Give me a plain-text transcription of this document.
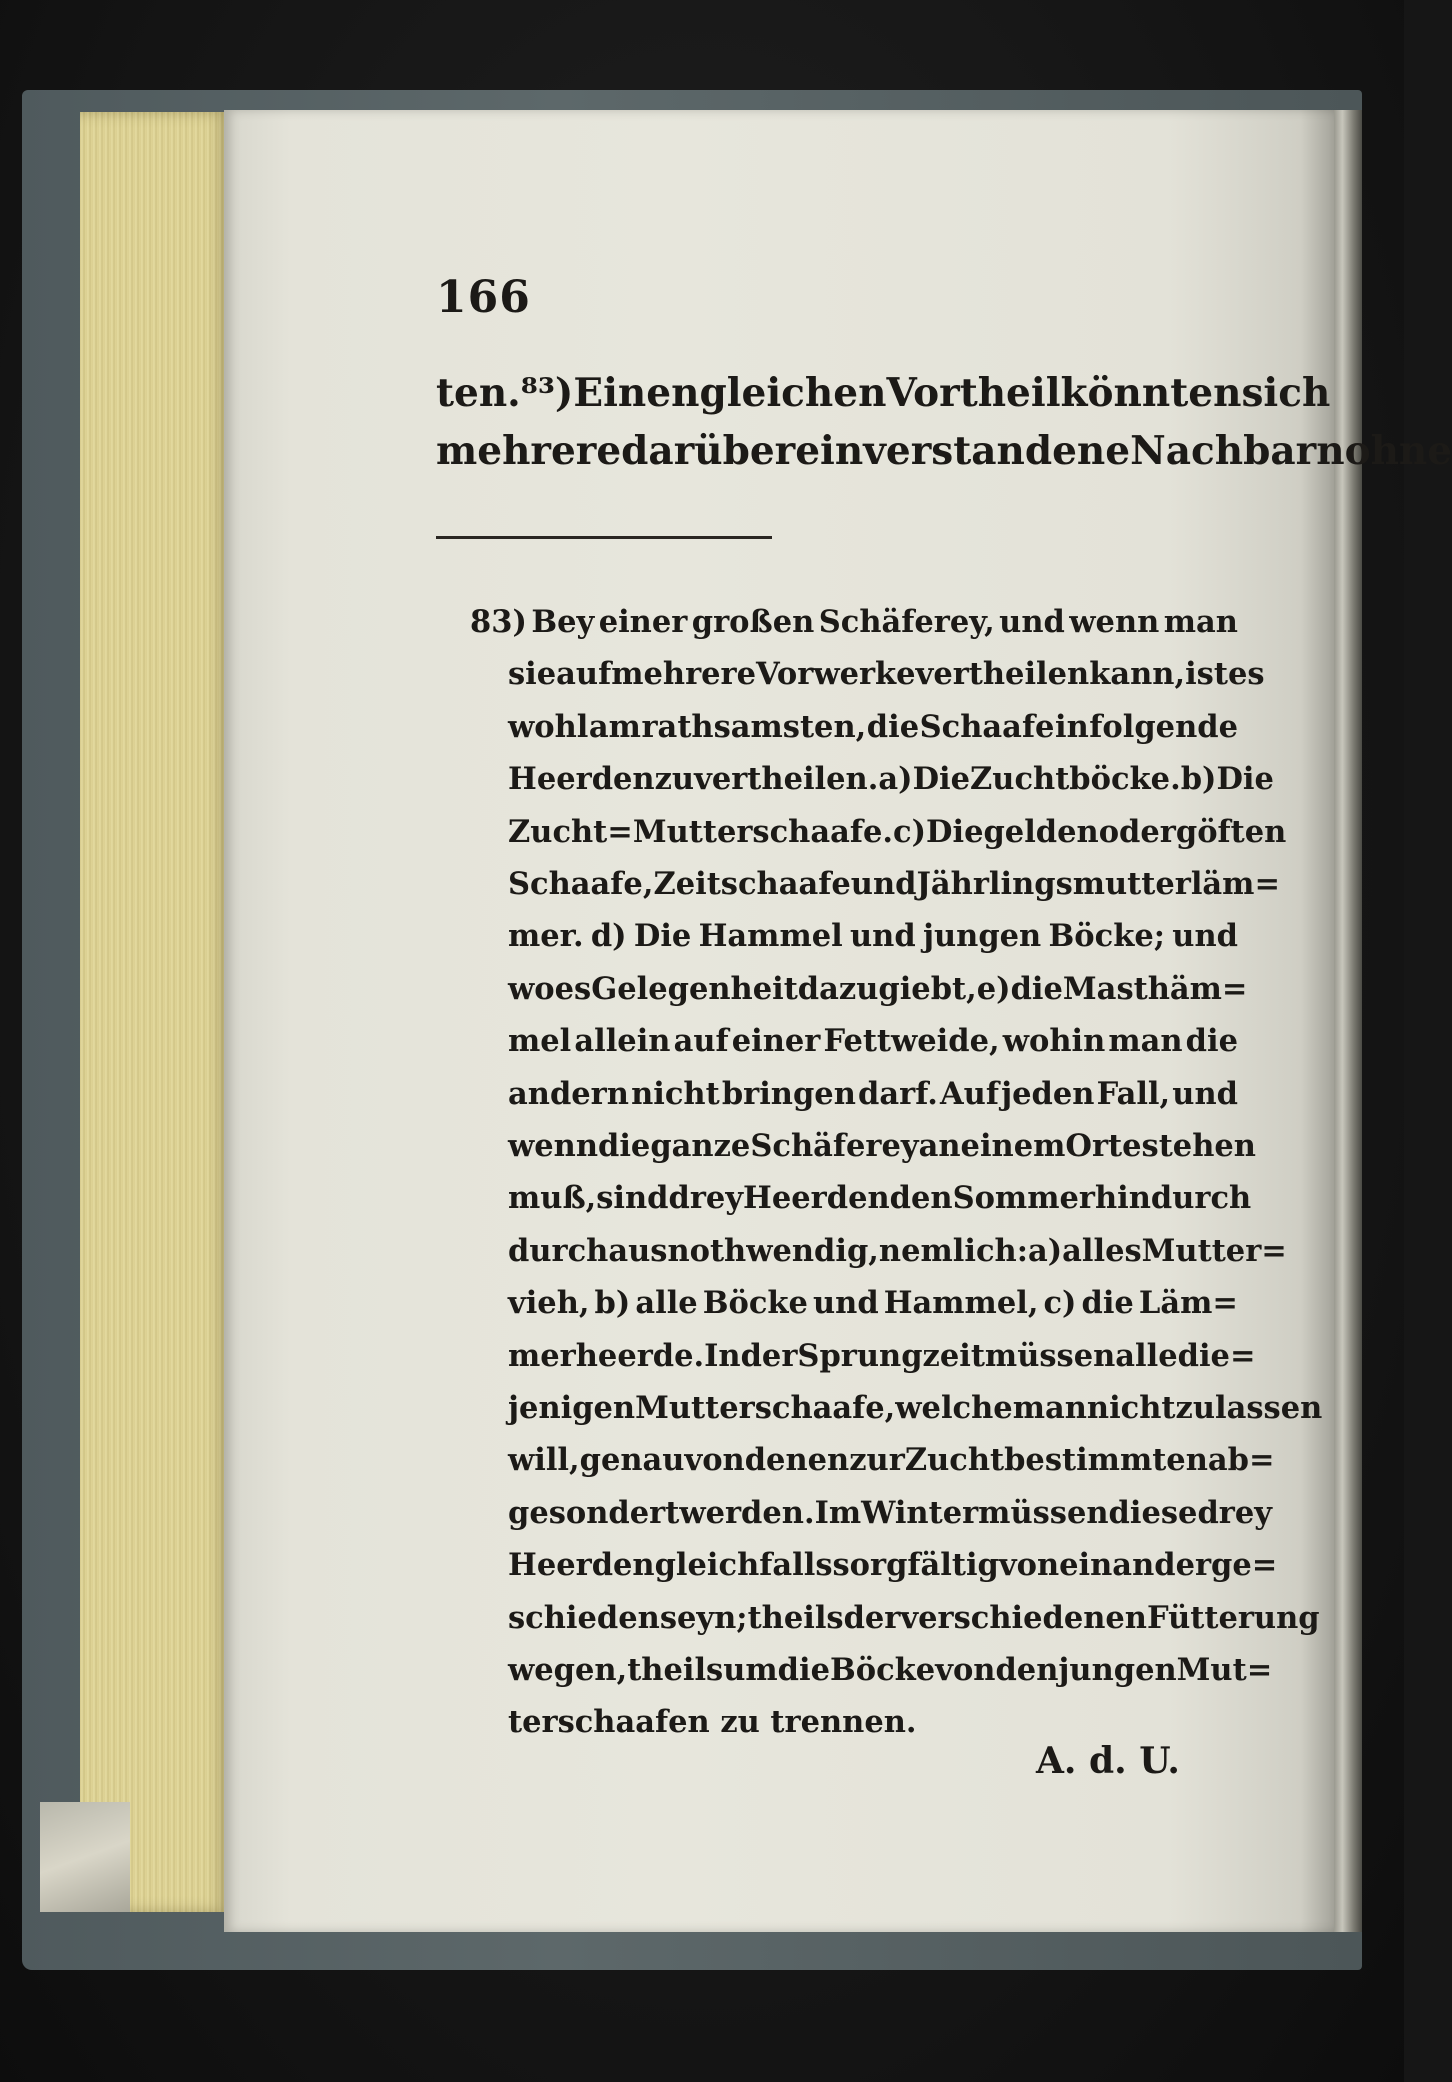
166
ten. ⁸³) Einen gleichen Vortheil könnten sich
mehrere darüber einverstandene Nachbarn ohne
83) Bey einer großen Schäferey, und wenn man
sie auf mehrere Vorwerke vertheilen kann, ist es
wohl am rathsamsten, die Schaafe in folgende
Heerden zu vertheilen. a) Die Zuchtböcke. b) Die
Zucht=Mutterschaafe. c) Die gelden oder göften
Schaafe, Zeitschaafe und Jährlingsmutterläm=
mer. d) Die Hammel und jungen Böcke; und
wo es Gelegenheit dazu giebt, e) die Masthäm=
mel allein auf einer Fettweide, wohin man die
andern nicht bringen darf. Auf jeden Fall, und
wenn die ganze Schäferey an einem Orte stehen
muß, sind drey Heerden den Sommer hindurch
durchaus nothwendig, nemlich: a) alles Mutter=
vieh, b) alle Böcke und Hammel, c) die Läm=
merheerde. In der Sprungzeit müssen alle die=
jenigen Mutterschaafe, welche man nicht zulassen
will, genau von denen zur Zucht bestimmten ab=
gesondert werden. Im Winter müssen diese drey
Heerden gleichfalls sorgfältig von einander ge=
schieden seyn; theils der verschiedenen Fütterung
wegen, theils um die Böcke von den jungen Mut=
terschaafen zu trennen.
A. d. U.
